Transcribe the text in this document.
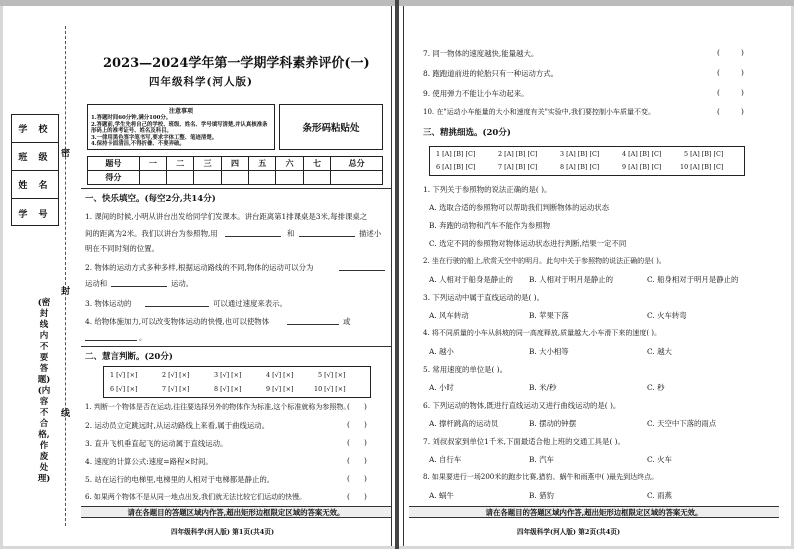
学 校
班 级
姓 名
学 号
密
封
线
(密封线内不要答题)(内容不合格,作废处理)
2023—2024学年第一学期学科素养评价(一)
四年级科学(河人版)
注意事项
1.答题时间60分钟,满分100分。
2.答题前,学生先将自己的学校、班级、姓名、学号填写清楚,并认真核准条形码上的准考证号、姓名及科目。
3.一律用黑色签字笔书写,要求字体工整、笔迹清楚。
4.保持卡面清洁,不得折叠、不要弄破。
条形码粘贴处
题号	一	二	三	四	五	六	七	总分
得分								
一、快乐填空。(每空2分,共14分)
1. 课间的时候,小明从讲台出发给同学们发课本。讲台距离第1排课桌是3米,每排课桌之
间的距离为2米。我们以讲台为参照物,用	和	描述小
明在不同时刻的位置。
2. 物体的运动方式多种多样,根据运动路线的不同,物体的运动可以分为
运动和	运动。
3. 物体运动的	可以通过速度来表示。
4. 给物体施加力,可以改变物体运动的快慢,也可以使物体	或
。
二、慧言判断。(20分)
1 [√] [×]	2 [√] [×]	3 [√] [×]	4 [√] [×]	5 [√] [×]
6 [√] [×]	7 [√] [×]	8 [√] [×]	9 [√] [×]	10 [√] [×]
1. 判断一个物体是否在运动,往往要选择另外的物体作为标准,这个标准就称为参照物。
(      )
2. 运动员立定跳远时,从运动路线上来看,属于曲线运动。	(      )
3. 直升飞机垂直起飞的运动属于直线运动。	(      )
4. 速度的计算公式:速度=路程×时间。	(      )
5. 站在运行的电梯里,电梯里的人相对于电梯都是静止的。	(      )
6. 如果两个物体不是从同一地点出发,我们就无法比较它们运动的快慢。	(      )
请在各题目的答题区域内作答,超出矩形边框限定区域的答案无效。
四年级科学(河人版) 第1页(共4页)
7. 同一物体的速度越快,能量越大。	(         )
8. 跑跑道前进的轮胎只有一种运动方式。	(         )
9. 使用弹力不能让小车动起来。	(         )
10. 在"运动小车能量的大小和速度有关"实验中,我们要控制小车质量不变。	(         )
三、精挑细选。(20分)
1 [A] [B] [C]	2 [A] [B] [C]	3 [A] [B] [C]	4 [A] [B] [C]	5 [A] [B] [C]
6 [A] [B] [C]	7 [A] [B] [C]	8 [A] [B] [C]	9 [A] [B] [C]	10 [A] [B] [C]
1. 下列关于参照物的说法正确的是( )。
A. 选取合适的参照物可以帮助我们判断物体的运动状态
B. 奔跑的动物和汽车不能作为参照物
C. 选定不同的参照物对物体运动状态进行判断,结果一定不同
2. 坐在行驶的船上,欣赏天空中的明月。此句中关于参照物的说法正确的是( )。
A. 人相对于船身是静止的 B. 人相对于明月是静止的	C. 船身相对于明月是静止的
3. 下列运动中属于直线运动的是( )。
A. 风车转动	B. 苹果下落	C. 火车转弯
4. 将不同质量的小车从斜坡的同一高度释放,质量越大,小车滑下来的速度( )。
A. 越小	B. 大小相等	C. 越大
5. 常用速度的单位是( )。
A. 小时	B. 米/秒	C. 秒
6. 下列运动的物体,既进行直线运动又进行曲线运动的是( )。
A. 撑杆跳高的运动员	B. 摆动的钟摆	C. 天空中下落的雨点
7. 刘叔叔家到单位1千米,下面最适合他上班的交通工具是( )。
A. 自行车	B. 汽车	C. 火车
8. 如果要进行一场200米的跑步比赛,猎豹、蜗牛和雨燕中( )最先到达终点。
A. 蜗牛	B. 猎豹	C. 雨燕
请在各题目的答题区域内作答,超出矩形边框限定区域的答案无效。
四年级科学(河人版) 第2页(共4页)
